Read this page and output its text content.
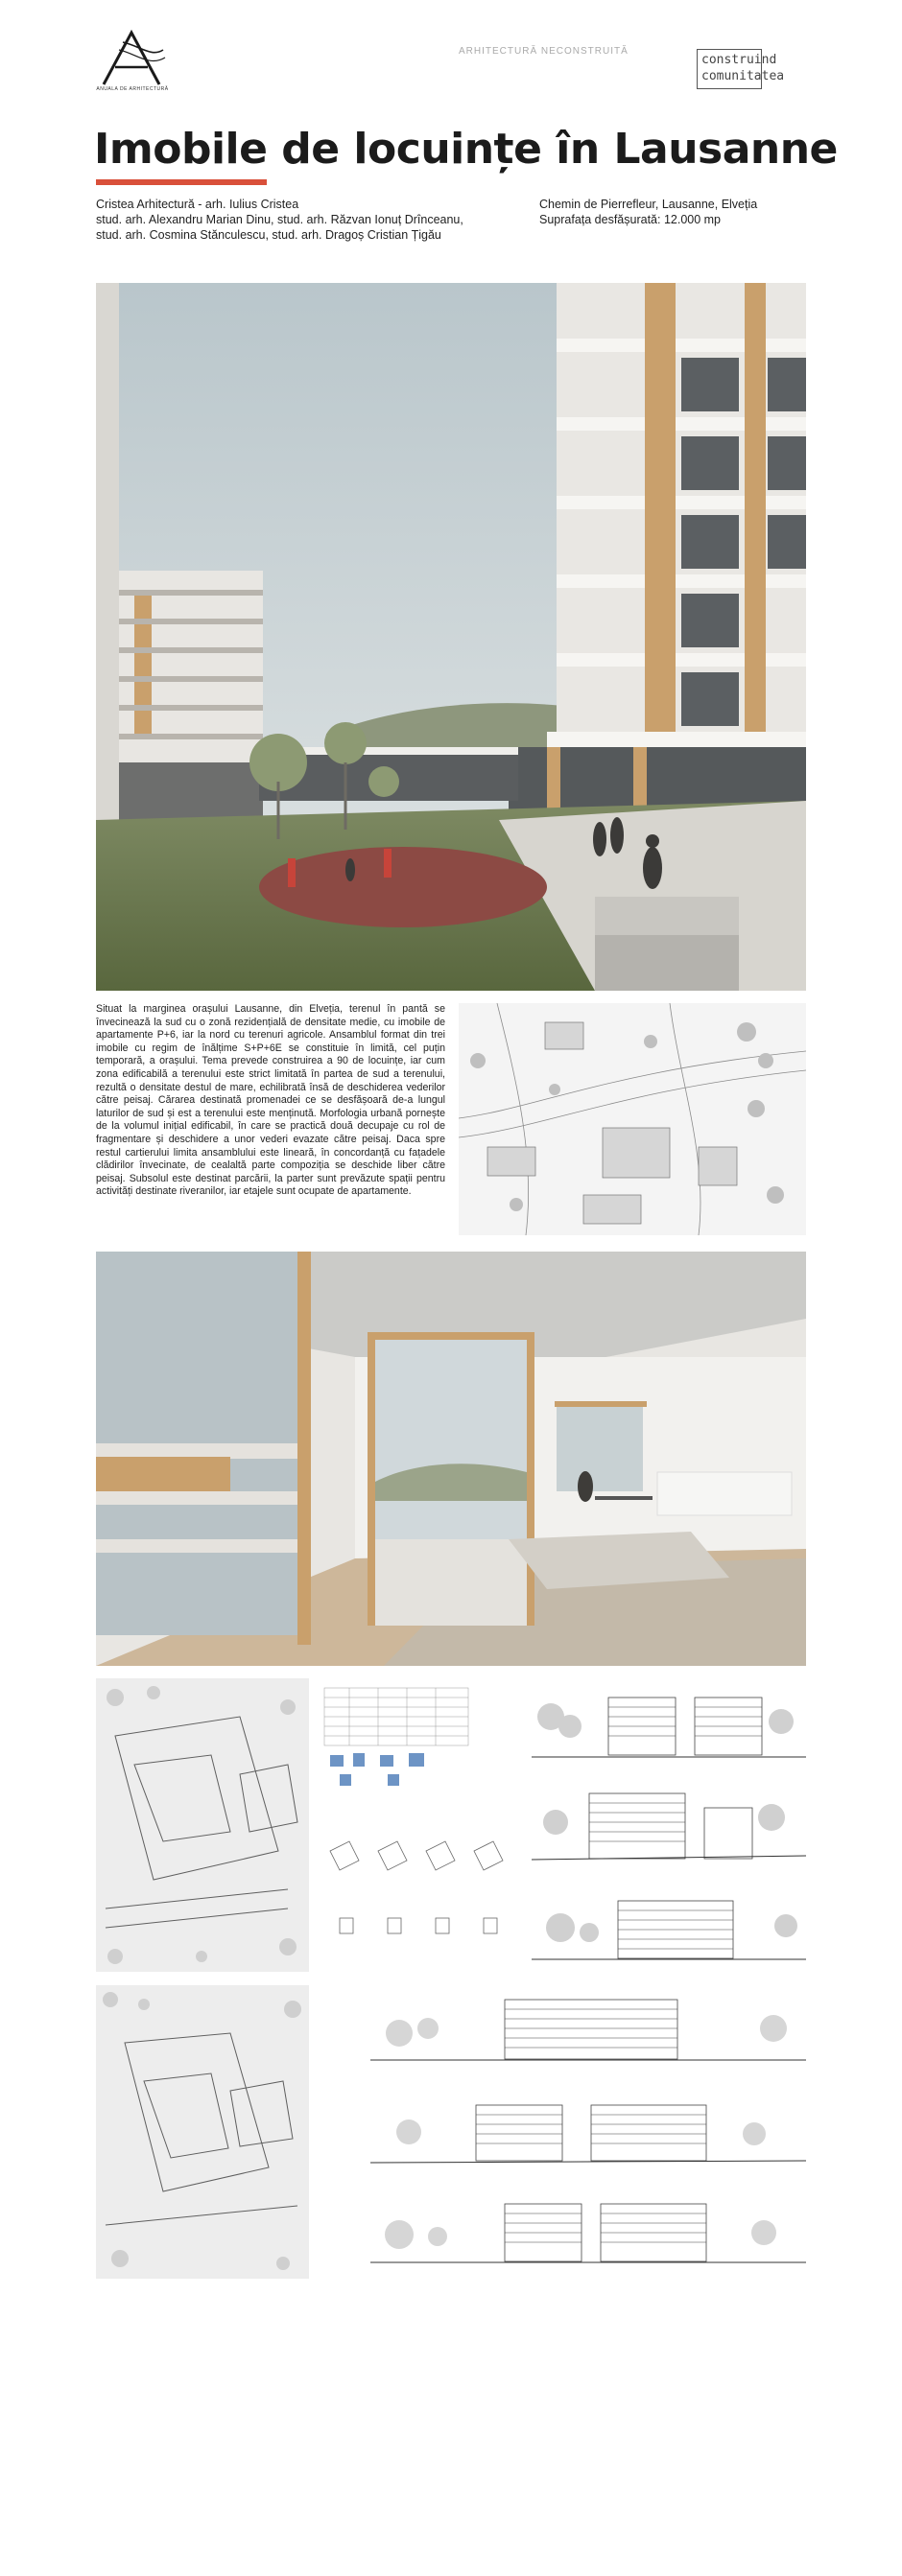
ANUALA DE ARHITECTURĂ
ARHITECTURĂ NECONSTRUITĂ
construind
comunitatea
Imobile de locuințe în Lausanne
Cristea Arhitectură - arh. Iulius Cristea
stud. arh. Alexandru Marian Dinu, stud. arh. Răzvan Ionuț Drînceanu,
stud. arh. Cosmina Stănculescu, stud. arh. Dragoș Cristian Țigău
Chemin de Pierrefleur, Lausanne, Elveția
Suprafața desfășurată: 12.000 mp
Situat la marginea orașului Lausanne, din Elveția, terenul în pantă se învecinează la sud cu o zonă rezidențială de densitate medie, cu imobile de apartamente P+6, iar la nord cu terenuri agricole. Ansamblul format din trei imobile cu regim de înălțime S+P+6E se constituie în limită, cel puțin temporară, a orașului. Tema prevede construirea a 90 de locuințe, iar cum zona edificabilă a terenului este strict limitată în partea de sud a terenului, rezultă o densitate destul de mare, echilibrată însă de deschiderea vederilor către peisaj. Cărarea destinată promenadei ce se desfășoară de-a lungul laturilor de sud și est a terenului este menținută. Morfologia urbană pornește de la volumul inițial edificabil, în care se practică două decupaje cu rol de fragmentare și deschidere a unor vederi evazate către peisaj. Daca spre restul cartierului limita ansamblului este lineară, în concordanță cu fațadele clădirilor învecinate, de cealaltă parte compoziția se deschide liber către peisaj. Subsolul este destinat parcării, la parter sunt prevăzute spații pentru activități destinate riveranilor, iar etajele sunt ocupate de apartamente.
